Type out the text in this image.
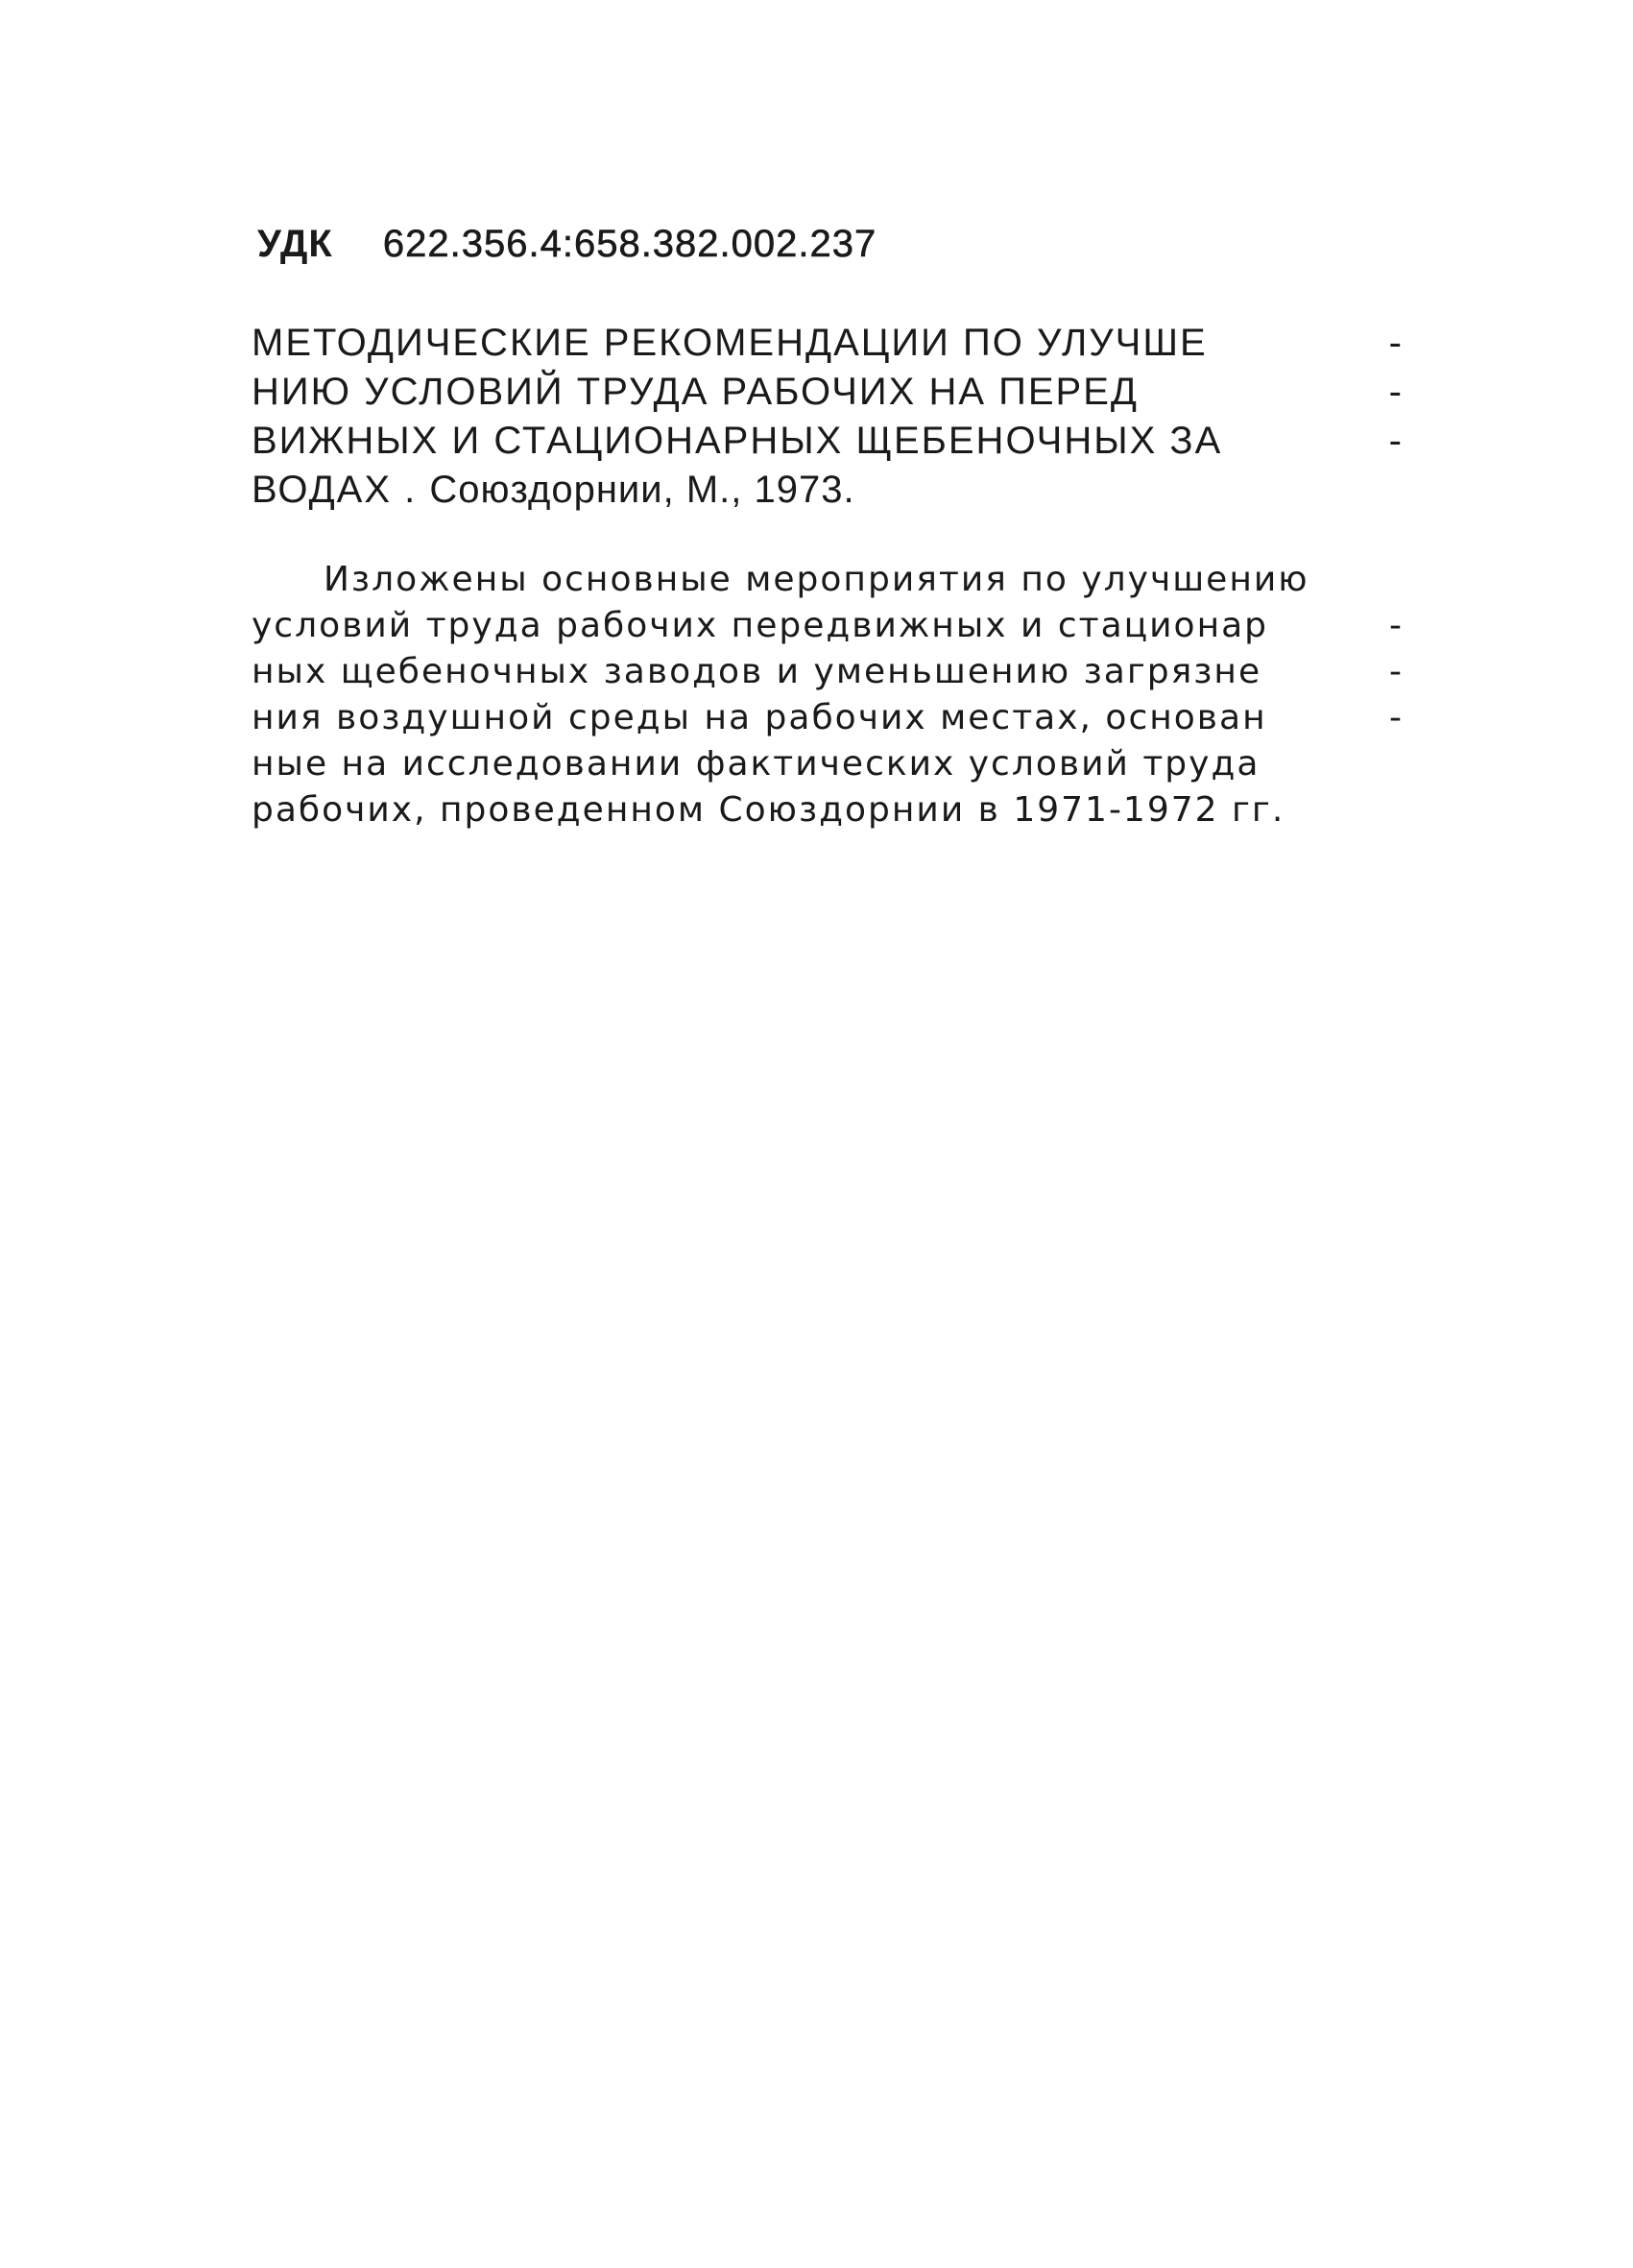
УДК 622.356.4:658.382.002.237
МЕТОДИЧЕСКИЕ РЕКОМЕНДАЦИИ ПО УЛУЧШЕ	-
НИЮ УСЛОВИЙ ТРУДА РАБОЧИХ НА ПЕРЕД	-
ВИЖНЫХ И СТАЦИОНАРНЫХ ЩЕБЕНОЧНЫХ ЗА	-
ВОДАХ . Союздорнии, М., 1973.
Изложены основные мероприятия по улучшению
условий труда рабочих передвижных и стационар	-
ных щебеночных заводов и уменьшению загрязне	-
ния воздушной среды на рабочих местах, основан	-
ные на исследовании фактических условий труда
рабочих, проведенном Союздорнии в 1971-1972 гг.
